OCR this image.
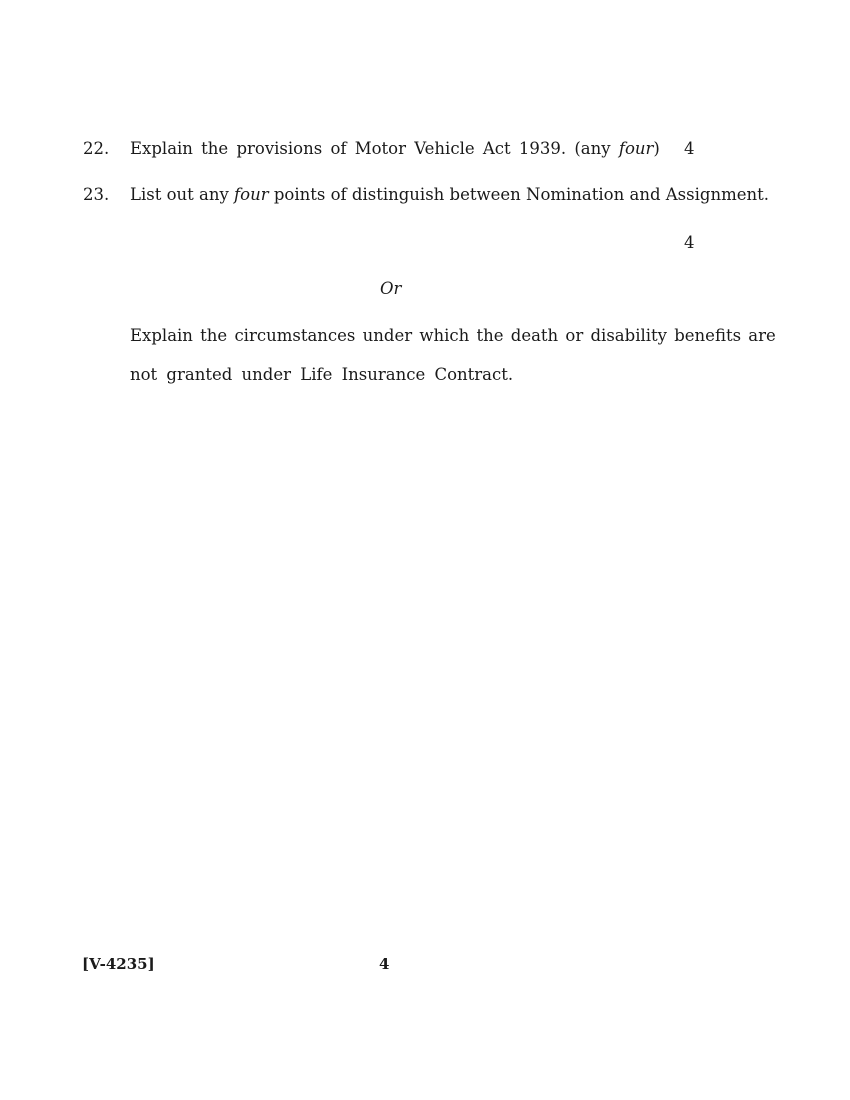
22. Explain the provisions of Motor Vehicle Act 1939. (any four) 4
23. List out any four points of distinguish between Nomination and Assignment.
4
Or
Explain the circumstances under which the death or disability benefits are
not granted under Life Insurance Contract.
[V-4235]	4
